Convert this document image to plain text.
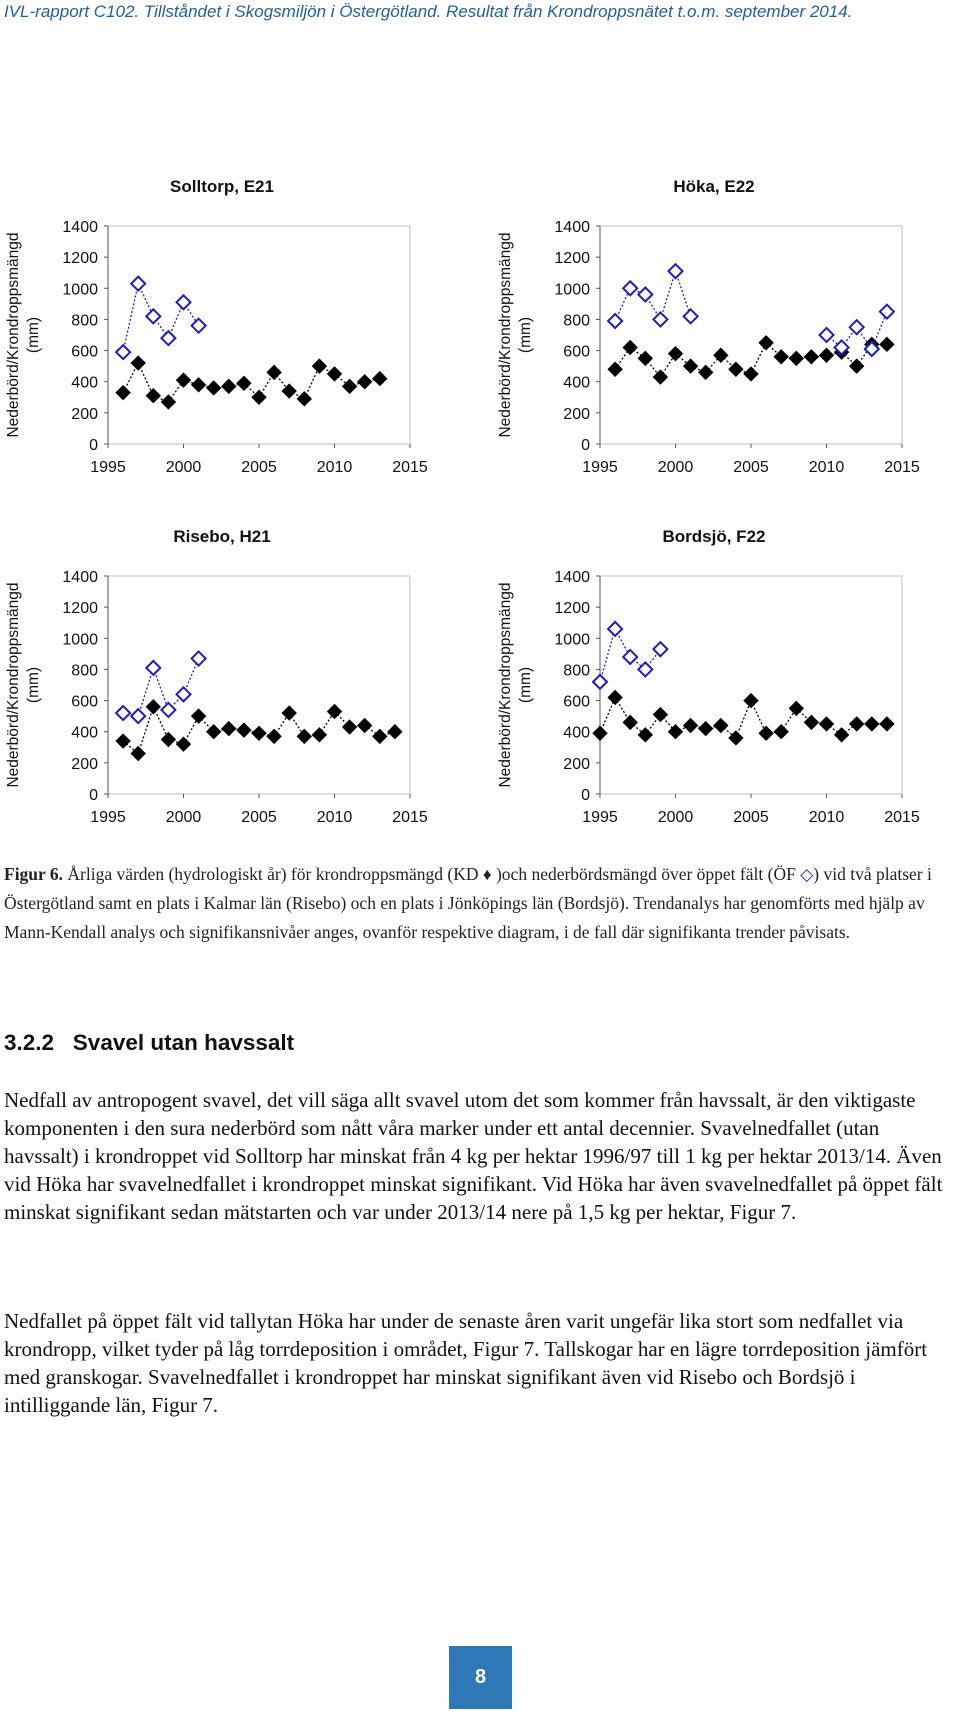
IVL-rapport C102. Tillståndet i Skogsmiljön i Östergötland. Resultat från Krondroppsnätet t.o.m. september 2014.
Solltorp, E21
Nederbörd/Krondroppsmängd (mm)
0
200
400
600
800
1000
1200
1400
1995 2000 2005 2010 2015
Höka, E22
Nederbörd/Krondroppsmängd (mm)
0
200
400
600
800
1000
1200
1400
1995 2000 2005 2010 2015
Risebo, H21
Nederbörd/Krondroppsmängd (mm)
0
200
400
600
800
1000
1200
1400
1995 2000 2005 2010 2015
Bordsjö, F22
Nederbörd/Krondroppsmängd (mm)
0
200
400
600
800
1000
1200
1400
1995 2000 2005 2010 2015
Figur 6. Årliga värden (hydrologiskt år) för krondroppsmängd (KD ♦ )och nederbördsmängd över öppet fält (ÖF ◇) vid två platser i Östergötland samt en plats i Kalmar län (Risebo) och en plats i Jönköpings län (Bordsjö). Trendanalys har genomförts med hjälp av Mann-Kendall analys och signifikansnivåer anges, ovanför respektive diagram, i de fall där signifikanta trender påvisats.
3.2.2   Svavel utan havssalt
Nedfall av antropogent svavel, det vill säga allt svavel utom det som kommer från havssalt, är den viktigaste komponenten i den sura nederbörd som nått våra marker under ett antal decennier. Svavelnedfallet (utan havssalt) i krondroppet vid Solltorp har minskat från 4 kg per hektar 1996/97 till 1 kg per hektar 2013/14. Även vid Höka har svavelnedfallet i krondroppet minskat signifikant. Vid Höka har även svavelnedfallet på öppet fält minskat signifikant sedan mätstarten och var under 2013/14 nere på 1,5 kg per hektar, Figur 7.
Nedfallet på öppet fält vid tallytan Höka har under de senaste åren varit ungefär lika stort som nedfallet via krondropp, vilket tyder på låg torrdeposition i området, Figur 7. Tallskogar har en lägre torrdeposition jämfört med granskogar. Svavelnedfallet i krondroppet har minskat signifikant även vid Risebo och Bordsjö i intilliggande län, Figur 7.
8
